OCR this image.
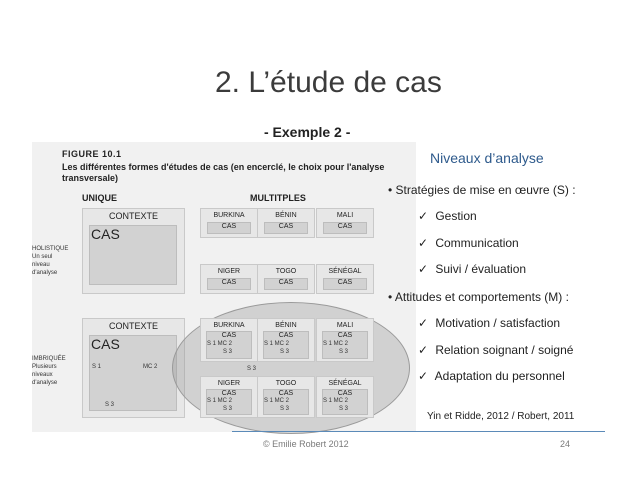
2. L’étude de cas
- Exemple 2 -
FIGURE 10.1
Les différentes formes d'études de cas (en encerclé, le choix pour l'analyse transversale)
UNIQUE	MULTITPLES
HOLISTIQUE
Un seul
niveau
d'analyse
IMBRIQUÉE
Plusieurs
niveaux
d'analyse
CONTEXTE
CAS
CONTEXTE
CAS
S 1	MC 2
S 3
BURKINA
CAS
BÉNIN
CAS
MALI
CAS
NIGER
CAS
TOGO
CAS
SÉNÉGAL
CAS
BURKINA
CAS
S 1 MC 2
S 3
BÉNIN
CAS
S 1 MC 2
S 3
MALI
CAS
S 1 MC 2
S 3
S 3
NIGER
CAS
S 1 MC 2
S 3
TOGO
CAS
S 1 MC 2
S 3
SÉNÉGAL
CAS
S 1 MC 2
S 3
Niveaux d’analyse
• Stratégies de mise en œuvre (S) :
✓ Gestion
✓ Communication
✓ Suivi / évaluation
• Attitudes et comportements (M) :
✓ Motivation / satisfaction
✓ Relation soignant / soigné
✓ Adaptation du personnel
Yin et Ridde, 2012 / Robert, 2011
© Emilie Robert 2012	24
